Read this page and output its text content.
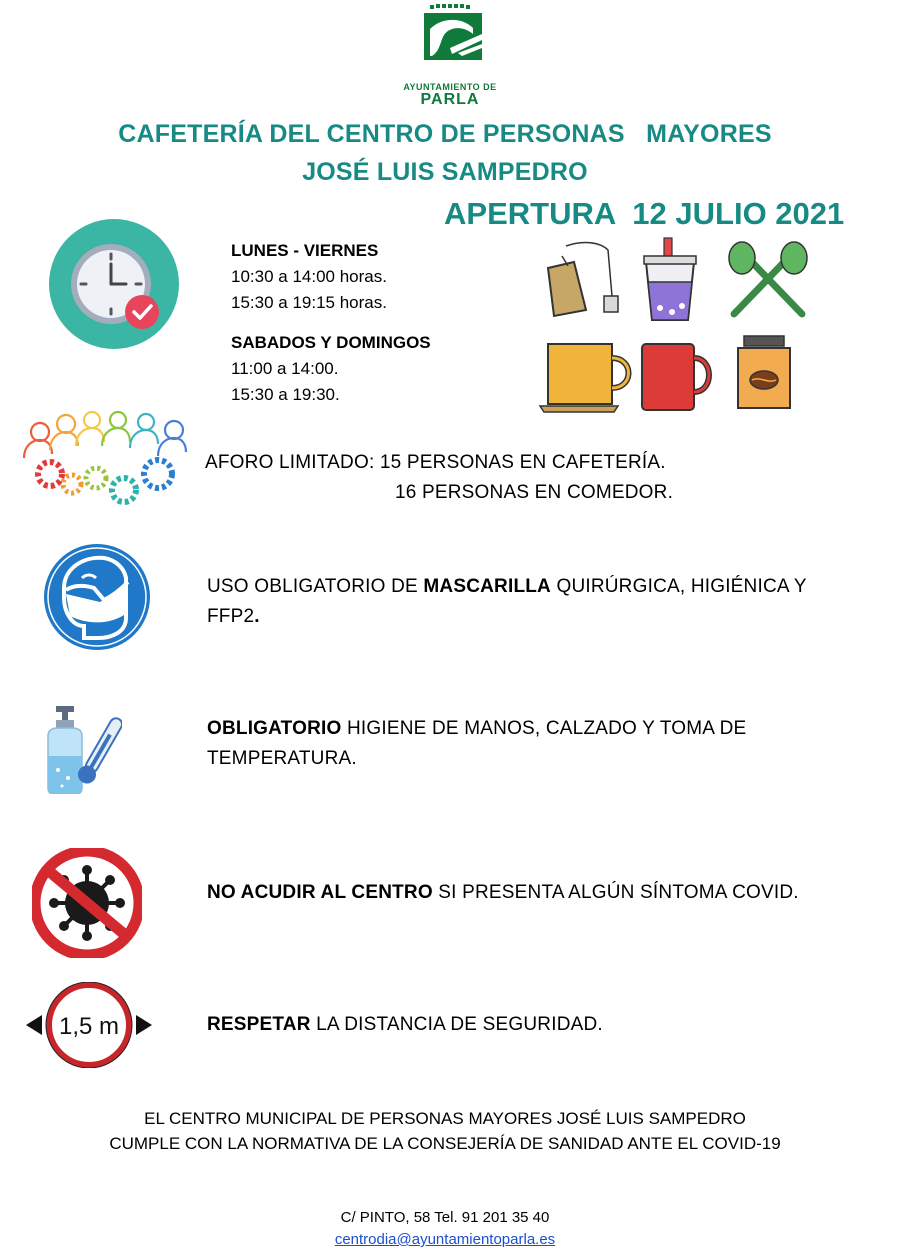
AYUNTAMIENTO DE
PARLA
CAFETERÍA DEL CENTRO DE PERSONAS   MAYORES
JOSÉ LUIS SAMPEDRO
APERTURA  12 JULIO 2021
LUNES - VIERNES
10:30 a 14:00 horas.
15:30 a 19:15 horas.
SABADOS Y DOMINGOS
11:00 a 14:00.
15:30 a 19:30.
AFORO LIMITADO: 15 PERSONAS EN CAFETERÍA.
16 PERSONAS EN COMEDOR.
USO OBLIGATORIO DE MASCARILLA QUIRÚRGICA, HIGIÉNICA Y
FFP2.
OBLIGATORIO HIGIENE DE MANOS, CALZADO Y TOMA DE
TEMPERATURA.
NO ACUDIR AL CENTRO SI PRESENTA ALGÚN SÍNTOMA COVID.
1,5 m	RESPETAR LA DISTANCIA DE SEGURIDAD.
EL CENTRO MUNICIPAL DE PERSONAS MAYORES JOSÉ LUIS SAMPEDRO
CUMPLE CON LA NORMATIVA DE LA CONSEJERÍA DE SANIDAD ANTE EL COVID-19
C/ PINTO, 58 Tel. 91 201 35 40
centrodia@ayuntamientoparla.es
